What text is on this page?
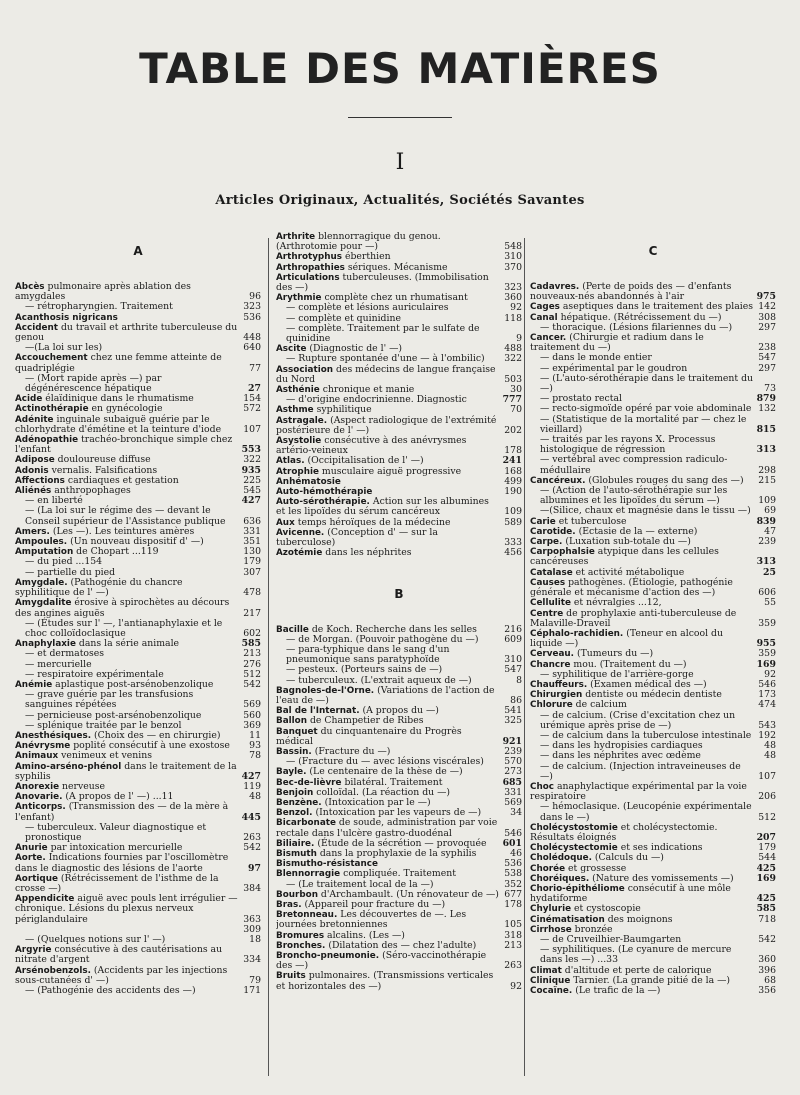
TABLE DES MATIÈRES
I
Articles Originaux, Actualités, Sociétés Savantes
A
Abcès pulmonaire après ablation des amygdales	96
— rétropharyngien. Traitement	323
Acanthosis nigricans	536
Accident du travail et arthrite tuberculeuse du genou	448
—(La loi sur les)	640
Accouchement chez une femme atteinte de quadriplégie	77
— (Mort rapide après —) par dégénérescence hépatique	27
Acide élaïdinique dans le rhumatisme	154
Actinothérapie en gynécologie	572
Adénite inguinale subaiguë guérie par le chlorhydrate d'émétine et la teinture d'iode	107
Adénopathie trachéo-bronchique simple chez l'enfant	553
Adipose douloureuse diffuse	322
Adonis vernalis. Falsifications	935
Affections cardiaques et gestation	225
Aliénés anthropophages	545
— en liberté	427
— (La loi sur le régime des — devant le Conseil supérieur de l'Assistance publique	636
Amers. (Les —). Les teintures amères	331
Ampoules. (Un nouveau dispositif d' —)	351
Amputation de Chopart ...119	130
— du pied ...154	179
— partielle du pied	307
Amygdale. (Pathogénie du chancre syphilitique de l' —)	478
Amygdalite érosive à spirochètes au décours des angines aiguës	217
— (Études sur l' —, l'antianaphylaxie et le choc colloïdoclasique	602
Anaphylaxie dans la série animale	585
— et dermatoses	213
— mercurielle	276
— respiratoire expérimentale	512
Anémie aplastique post-arsénobenzolique	542
— grave guérie par les transfusions sanguines répétées	569
— pernicieuse post-arsénobenzolique	560
— splénique traitée par le benzol	369
Anesthésiques. (Choix des — en chirurgie)	11
Anévrysme poplité consécutif à une exostose	93
Animaux venimeux et venins	78
Amino-arséno-phénol dans le traitement de la syphilis	427
Anorexie nerveuse	119
Anovarie. (A propos de l' —) ...11	48
Anticorps. (Transmission des — de la mère à l'enfant)	445
— tuberculeux. Valeur diagnostique et pronostique	263
Anurie par intoxication mercurielle	542
Aorte. Indications fournies par l'oscillomètre dans le diagnostic des lésions de l'aorte	97
Aortique (Rétrécissement de l'isthme de la crosse —)	384
Appendicite aiguë avec pouls lent irrégulier — chronique. Lésions du plexus nerveux périglandulaire	363
309
— (Quelques notions sur l' —)	18
Argyrie consécutive à des cautérisations au nitrate d'argent	334
Arsénobenzols. (Accidents par les injections sous-cutanées d' —)	79
— (Pathogénie des accidents des —)	171
Arthrite blennorragique du genou. (Arthrotomie pour —)	548
Arthrotyphus éberthien	310
Arthropathies sériques. Mécanisme	370
Articulations tuberculeuses. (Immobilisation des —)	323
Arythmie complète chez un rhumatisant	360
— complète et lésions auriculaires	92
— complète et quinidine	118
— complète. Traitement par le sulfate de quinidine	9
Ascite (Diagnostic de l' —)	488
— Rupture spontanée d'une — à l'ombilic)	322
Association des médecins de langue française du Nord	503
Asthénie chronique et manie	30
— d'origine endocrinienne. Diagnostic	777
Asthme syphilitique	70
Astragale. (Aspect radiologique de l'extrémité postérieure de l' —)	202
Asystolie consécutive à des anévrysmes artério-veineux	178
Atlas. (Occipitalisation de l' —)	241
Atrophie musculaire aiguë progressive	168
Anhématosie	499
Auto-hémothérapie	190
Auto-sérothérapie. Action sur les albumines et les lipoïdes du sérum cancéreux	109
Aux temps héroïques de la médecine	589
Avicenne. (Conception d' — sur la tuberculose)	333
Azotémie dans les néphrites	456
B
Bacille de Koch. Recherche dans les selles	216
— de Morgan. (Pouvoir pathogène du —)	609
— para-typhique dans le sang d'un pneumonique sans paratyphoïde	310
— pesteux. (Porteurs sains de —)	547
— tuberculeux. (L'extrait aqueux de —)	8
Bagnoles-de-l'Orne. (Variations de l'action de l'eau de —)	86
Bal de l'Internat. (A propos du —)	541
Ballon de Champetier de Ribes	325
Banquet du cinquantenaire du Progrès médical	921
Bassin. (Fracture du —)	239
— (Fracture du — avec lésions viscérales)	570
Bayle. (Le centenaire de la thèse de —)	273
Bec-de-lièvre bilatéral. Traitement	685
Benjoin colloïdal. (La réaction du —)	331
Benzène. (Intoxication par le —)	569
Benzol. (Intoxication par les vapeurs de —)	34
Bicarbonate de soude, administration par voie rectale dans l'ulcère gastro-duodénal	546
Biliaire. (Étude de la sécrétion — provoquée	601
Bismuth dans la prophylaxie de la syphilis	46
Bismutho-résistance	536
Blennorragie compliquée. Traitement	538
— (Le traitement local de la —)	352
Bourbon d'Archambault. (Un rénovateur de —) 677
Bras. (Appareil pour fracture du —)	178
Bretonneau. Les découvertes de —. Les journées bretonniennes	105
Bromures alcalins. (Les —)	318
Bronches. (Dilatation des — chez l'adulte)	213
Broncho-pneumonie. (Séro-vaccinothérapie des —)	263
Bruits pulmonaires. (Transmissions verticales et horizontales des —)	92
C
Cadavres. (Perte de poids des — d'enfants nouveaux-nés abandonnés à l'air	975
Cages aseptiques dans le traitement des plaies 142
Canal hépatique. (Rétrécissement du —)	308
— thoracique. (Lésions filariennes du —)	297
Cancer. (Chirurgie et radium dans le traitement du —)	238
— dans le monde entier	547
— expérimental par le goudron	297
— (L'auto-sérothérapie dans le traitement du —)	73
— prostato rectal	879
— recto-sigmoïde opéré par voie abdominale 132
— (Statistique de la mortalité par — chez le vieillard)	815
— traités par les rayons X. Processus histologique de régression	313
— vertébral avec compression radiculo-médullaire	298
Cancéreux. (Globules rouges du sang des —)	215
— (Action de l'auto-sérothérapie sur les albumines et les lipoïdes du sérum —)	109
—(Silice, chaux et magnésie dans le tissu —)	69
Carie et tuberculose	839
Carotide. (Ectasie de la — externe)	47
Carpe. (Luxation sub-totale du —)	239
Carpophalsie atypique dans les cellules cancéreuses	313
Catalase et activité métabolique	25
Causes pathogènes. (Étiologie, pathogénie générale et mécanisme d'action des —)	606
Cellulite et névralgies ...12,	55
Centre de prophylaxie anti-tuberculeuse de Malaville-Draveil	359
Céphalo-rachidien. (Teneur en alcool du liquide —)	955
Cerveau. (Tumeurs du —)	359
Chancre mou. (Traitement du —)	169
— syphilitique de l'arrière-gorge	92
Chauffeurs. (Examen médical des —)	546
Chirurgien dentiste ou médecin dentiste	173
Chlorure de calcium	474
— de calcium. (Crise d'excitation chez un urémique après prise de —)	543
— de calcium dans la tuberculose intestinale 192
— dans les hydropisies cardiaques	48
— dans les néphrites avec œdème	48
— de calcium. (Injection intraveineuses de —)	107
Choc anaphylactique expérimental par la voie respiratoire	206
— hémoclasique. (Leucopénie expérimentale dans le —)	512
Cholécystostomie et cholécystectomie. Résultats éloignés	207
Cholécystectomie et ses indications	179
Cholédoque. (Calculs du —)	544
Chorée et grossesse	425
Choréiques. (Nature des vomissements —)	169
Chorio-épithéliome consécutif à une môle hydatiforme	425
Chylurie et cystoscopie	585
Cinématisation des moignons	718
Cirrhose bronzée
— de Cruveilhier-Baumgarten	542
— syphilitiques. (Le cyanure de mercure dans les —) ...33	360
Climat d'altitude et perte de calorique	396
Clinique Tarnier. (La grande pitié de la —)	68
Cocaïne. (Le trafic de la —)	356
